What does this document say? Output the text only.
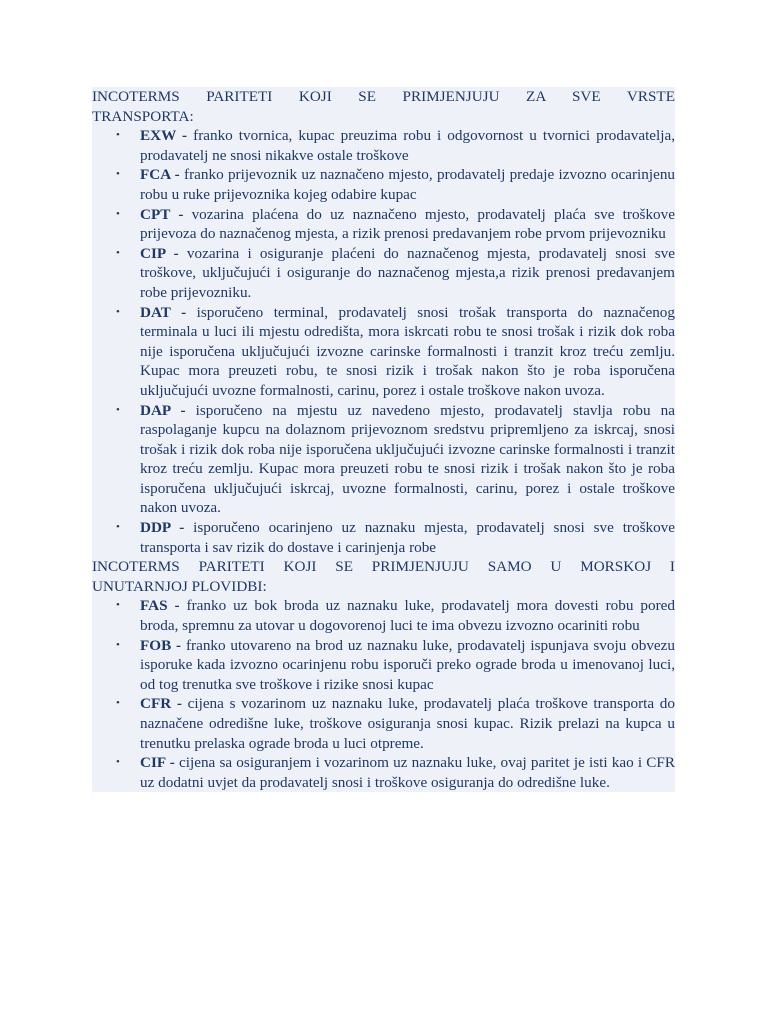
INCOTERMS PARITETI KOJI SE PRIMJENJUJU ZA SVE VRSTE
TRANSPORTA:

• EXW - franko tvornica, kupac preuzima robu i odgovornost u tvornici prodavatelja, prodavatelj ne snosi nikakve ostale troškove
• FCA - franko prijevoznik uz naznačeno mjesto, prodavatelj predaje izvozno ocarinjenu robu u ruke prijevoznika kojeg odabire kupac
• CPT - vozarina plaćena do uz naznačeno mjesto, prodavatelj plaća sve troškove prijevoza do naznačenog mjesta, a rizik prenosi predavanjem robe prvom prijevozniku
• CIP - vozarina i osiguranje plaćeni do naznačenog mjesta, prodavatelj snosi sve troškove, uključujući i osiguranje do naznačenog mjesta,a rizik prenosi predavanjem robe prijevozniku.
• DAT - isporučeno terminal, prodavatelj snosi trošak transporta do naznačenog terminala u luci ili mjestu odredišta, mora iskrcati robu te snosi trošak i rizik dok roba nije isporučena uključujući izvozne carinske formalnosti i tranzit kroz treću zemlju. Kupac mora preuzeti robu, te snosi rizik i trošak nakon što je roba isporučena uključujući uvozne formalnosti, carinu, porez i ostale troškove nakon uvoza.
• DAP - isporučeno na mjestu uz navedeno mjesto, prodavatelj stavlja robu na raspolaganje kupcu na dolaznom prijevoznom sredstvu pripremljeno za iskrcaj, snosi trošak i rizik dok roba nije isporučena uključujući izvozne carinske formalnosti i tranzit kroz treću zemlju. Kupac mora preuzeti robu te snosi rizik i trošak nakon što je roba isporučena uključujući iskrcaj, uvozne formalnosti, carinu, porez i ostale troškove nakon uvoza.
• DDP - isporučeno ocarinjeno uz naznaku mjesta, prodavatelj snosi sve troškove transporta i sav rizik do dostave i carinjenja robe

INCOTERMS PARITETI KOJI SE PRIMJENJUJU SAMO U MORSKOJ I
UNUTARNJOJ PLOVIDBI:

• FAS - franko uz bok broda uz naznaku luke, prodavatelj mora dovesti robu pored broda, spremnu za utovar u dogovorenoj luci te ima obvezu izvozno ocariniti robu
• FOB - franko utovareno na brod uz naznaku luke, prodavatelj ispunjava svoju obvezu isporuke kada izvozno ocarinjenu robu isporuči preko ograde broda u imenovanoj luci, od tog trenutka sve troškove i rizike snosi kupac
• CFR - cijena s vozarinom uz naznaku luke, prodavatelj plaća troškove transporta do naznačene odredišne luke, troškove osiguranja snosi kupac. Rizik prelazi na kupca u trenutku prelaska ograde broda u luci otpreme.
• CIF - cijena sa osiguranjem i vozarinom uz naznaku luke, ovaj paritet je isti kao i CFR uz dodatni uvjet da prodavatelj snosi i troškove osiguranja do odredišne luke.
